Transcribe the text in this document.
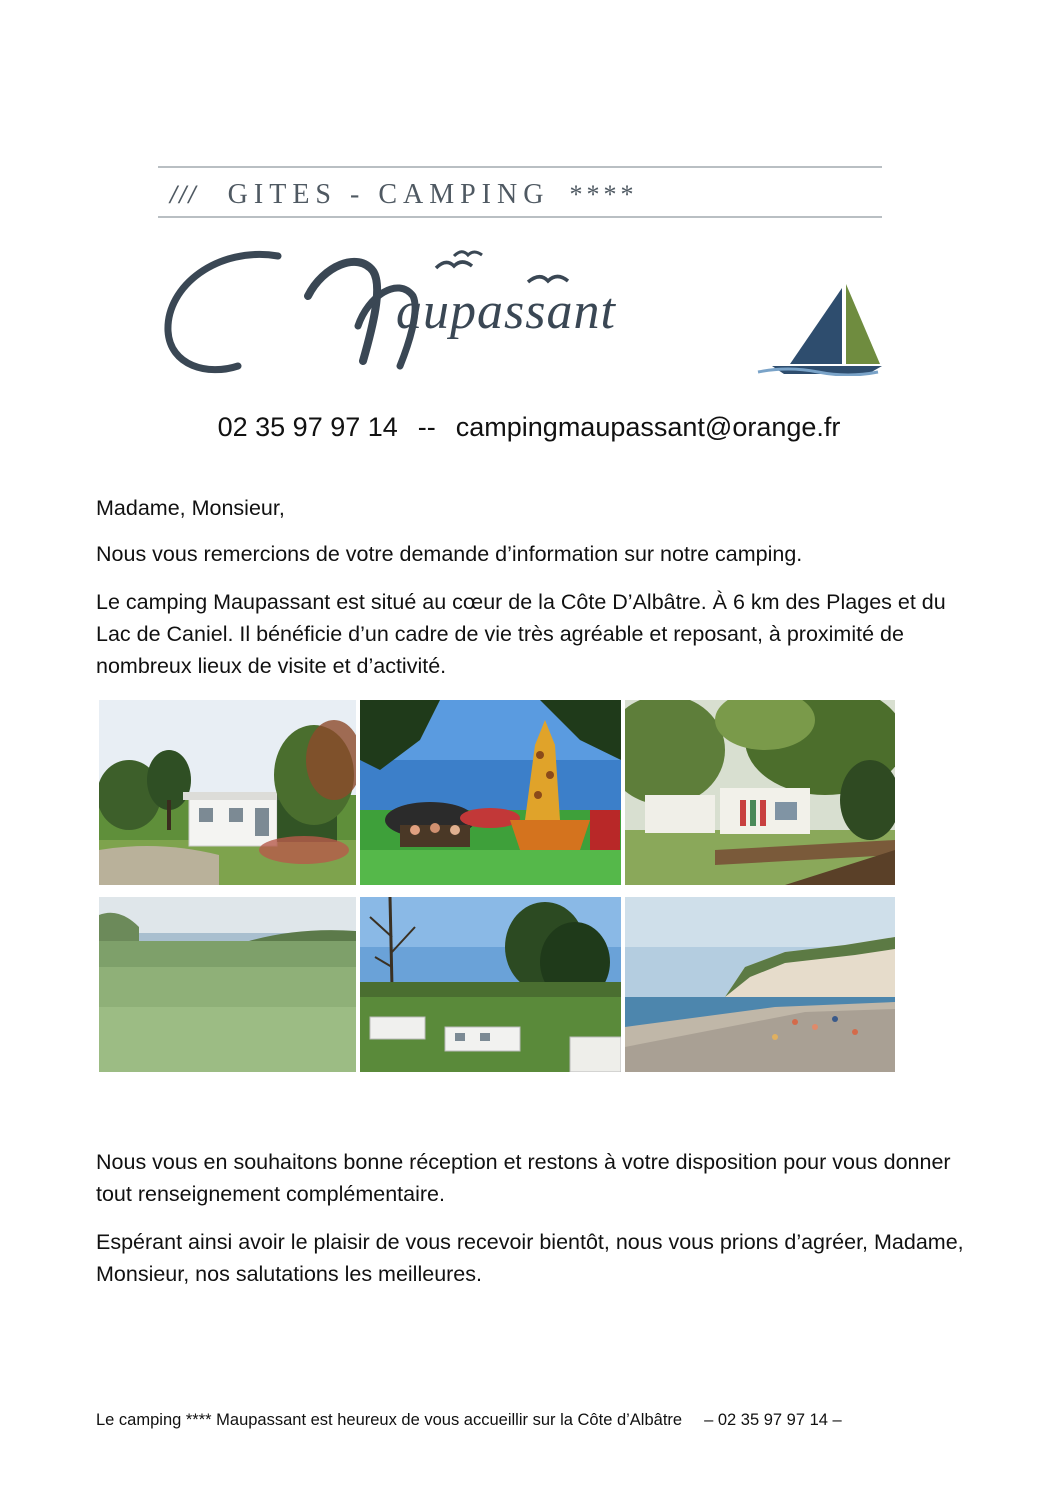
/// GITES - CAMPING ****
aupassant
02 35 97 97 14 -- campingmaupassant@orange.fr

Madame, Monsieur,

Nous vous remercions de votre demande d’information sur notre camping.

Le camping Maupassant est situé au cœur de la Côte D’Albâtre. À 6 km des Plages et du Lac de Caniel. Il bénéficie d’un cadre de vie très agréable et reposant, à proximité de nombreux lieux de visite et d’activité.

Nous vous en souhaitons bonne réception et restons à votre disposition pour vous donner tout renseignement complémentaire.

Espérant ainsi avoir le plaisir de vous recevoir bientôt, nous vous prions d’agréer, Madame, Monsieur, nos salutations les meilleures.

Le camping **** Maupassant est heureux de vous accueillir sur la Côte d’Albâtre – 02 35 97 97 14 –
